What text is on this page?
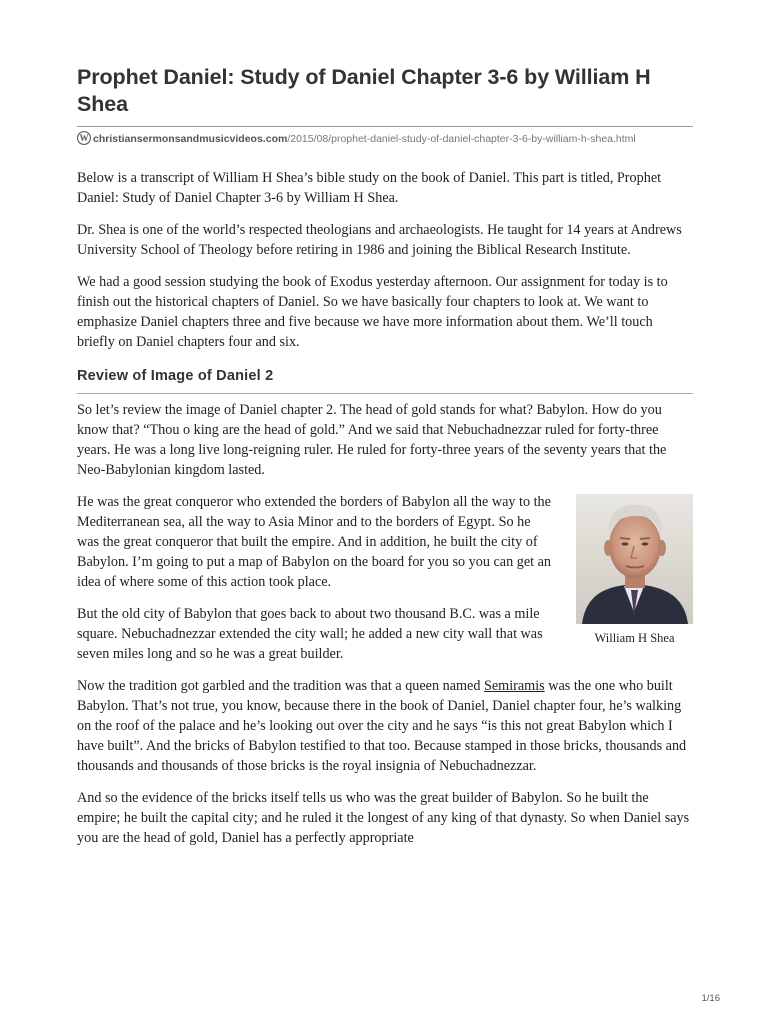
Prophet Daniel: Study of Daniel Chapter 3-6 by William H Shea
W christiansermonsandmusicvideos.com/2015/08/prophet-daniel-study-of-daniel-chapter-3-6-by-william-h-shea.html

Below is a transcript of William H Shea’s bible study on the book of Daniel. This part is titled, Prophet Daniel: Study of Daniel Chapter 3-6 by William H Shea.

Dr. Shea is one of the world’s respected theologians and archaeologists. He taught for 14 years at Andrews University School of Theology before retiring in 1986 and joining the Biblical Research Institute.

We had a good session studying the book of Exodus yesterday afternoon. Our assignment for today is to finish out the historical chapters of Daniel. So we have basically four chapters to look at. We want to emphasize Daniel chapters three and five because we have more information about them. We’ll touch briefly on Daniel chapters four and six.

Review of Image of Daniel 2

So let’s review the image of Daniel chapter 2. The head of gold stands for what? Babylon. How do you know that? “Thou o king are the head of gold.” And we said that Nebuchadnezzar ruled for forty-three years. He was a long live long-reigning ruler. He ruled for forty-three years of the seventy years that the Neo-Babylonian kingdom lasted.

He was the great conqueror who extended the borders of Babylon all the way to the Mediterranean sea, all the way to Asia Minor and to the borders of Egypt. So he was the great conqueror that built the empire. And in addition, he built the city of Babylon. I’m going to put a map of Babylon on the board for you so you can get an idea of where some of this action took place.

But the old city of Babylon that goes back to about two thousand B.C. was a mile square. Nebuchadnezzar extended the city wall; he added a new city wall that was seven miles long and so he was a great builder.

William H Shea

Now the tradition got garbled and the tradition was that a queen named Semiramis was the one who built Babylon. That’s not true, you know, because there in the book of Daniel, Daniel chapter four, he’s walking on the roof of the palace and he’s looking out over the city and he says “is this not great Babylon which I have built”. And the bricks of Babylon testified to that too. Because stamped in those bricks, thousands and thousands and thousands of those bricks is the royal insignia of Nebuchadnezzar.

And so the evidence of the bricks itself tells us who was the great builder of Babylon. So he built the empire; he built the capital city; and he ruled it the longest of any king of that dynasty. So when Daniel says you are the head of gold, Daniel has a perfectly appropriate

1/16
